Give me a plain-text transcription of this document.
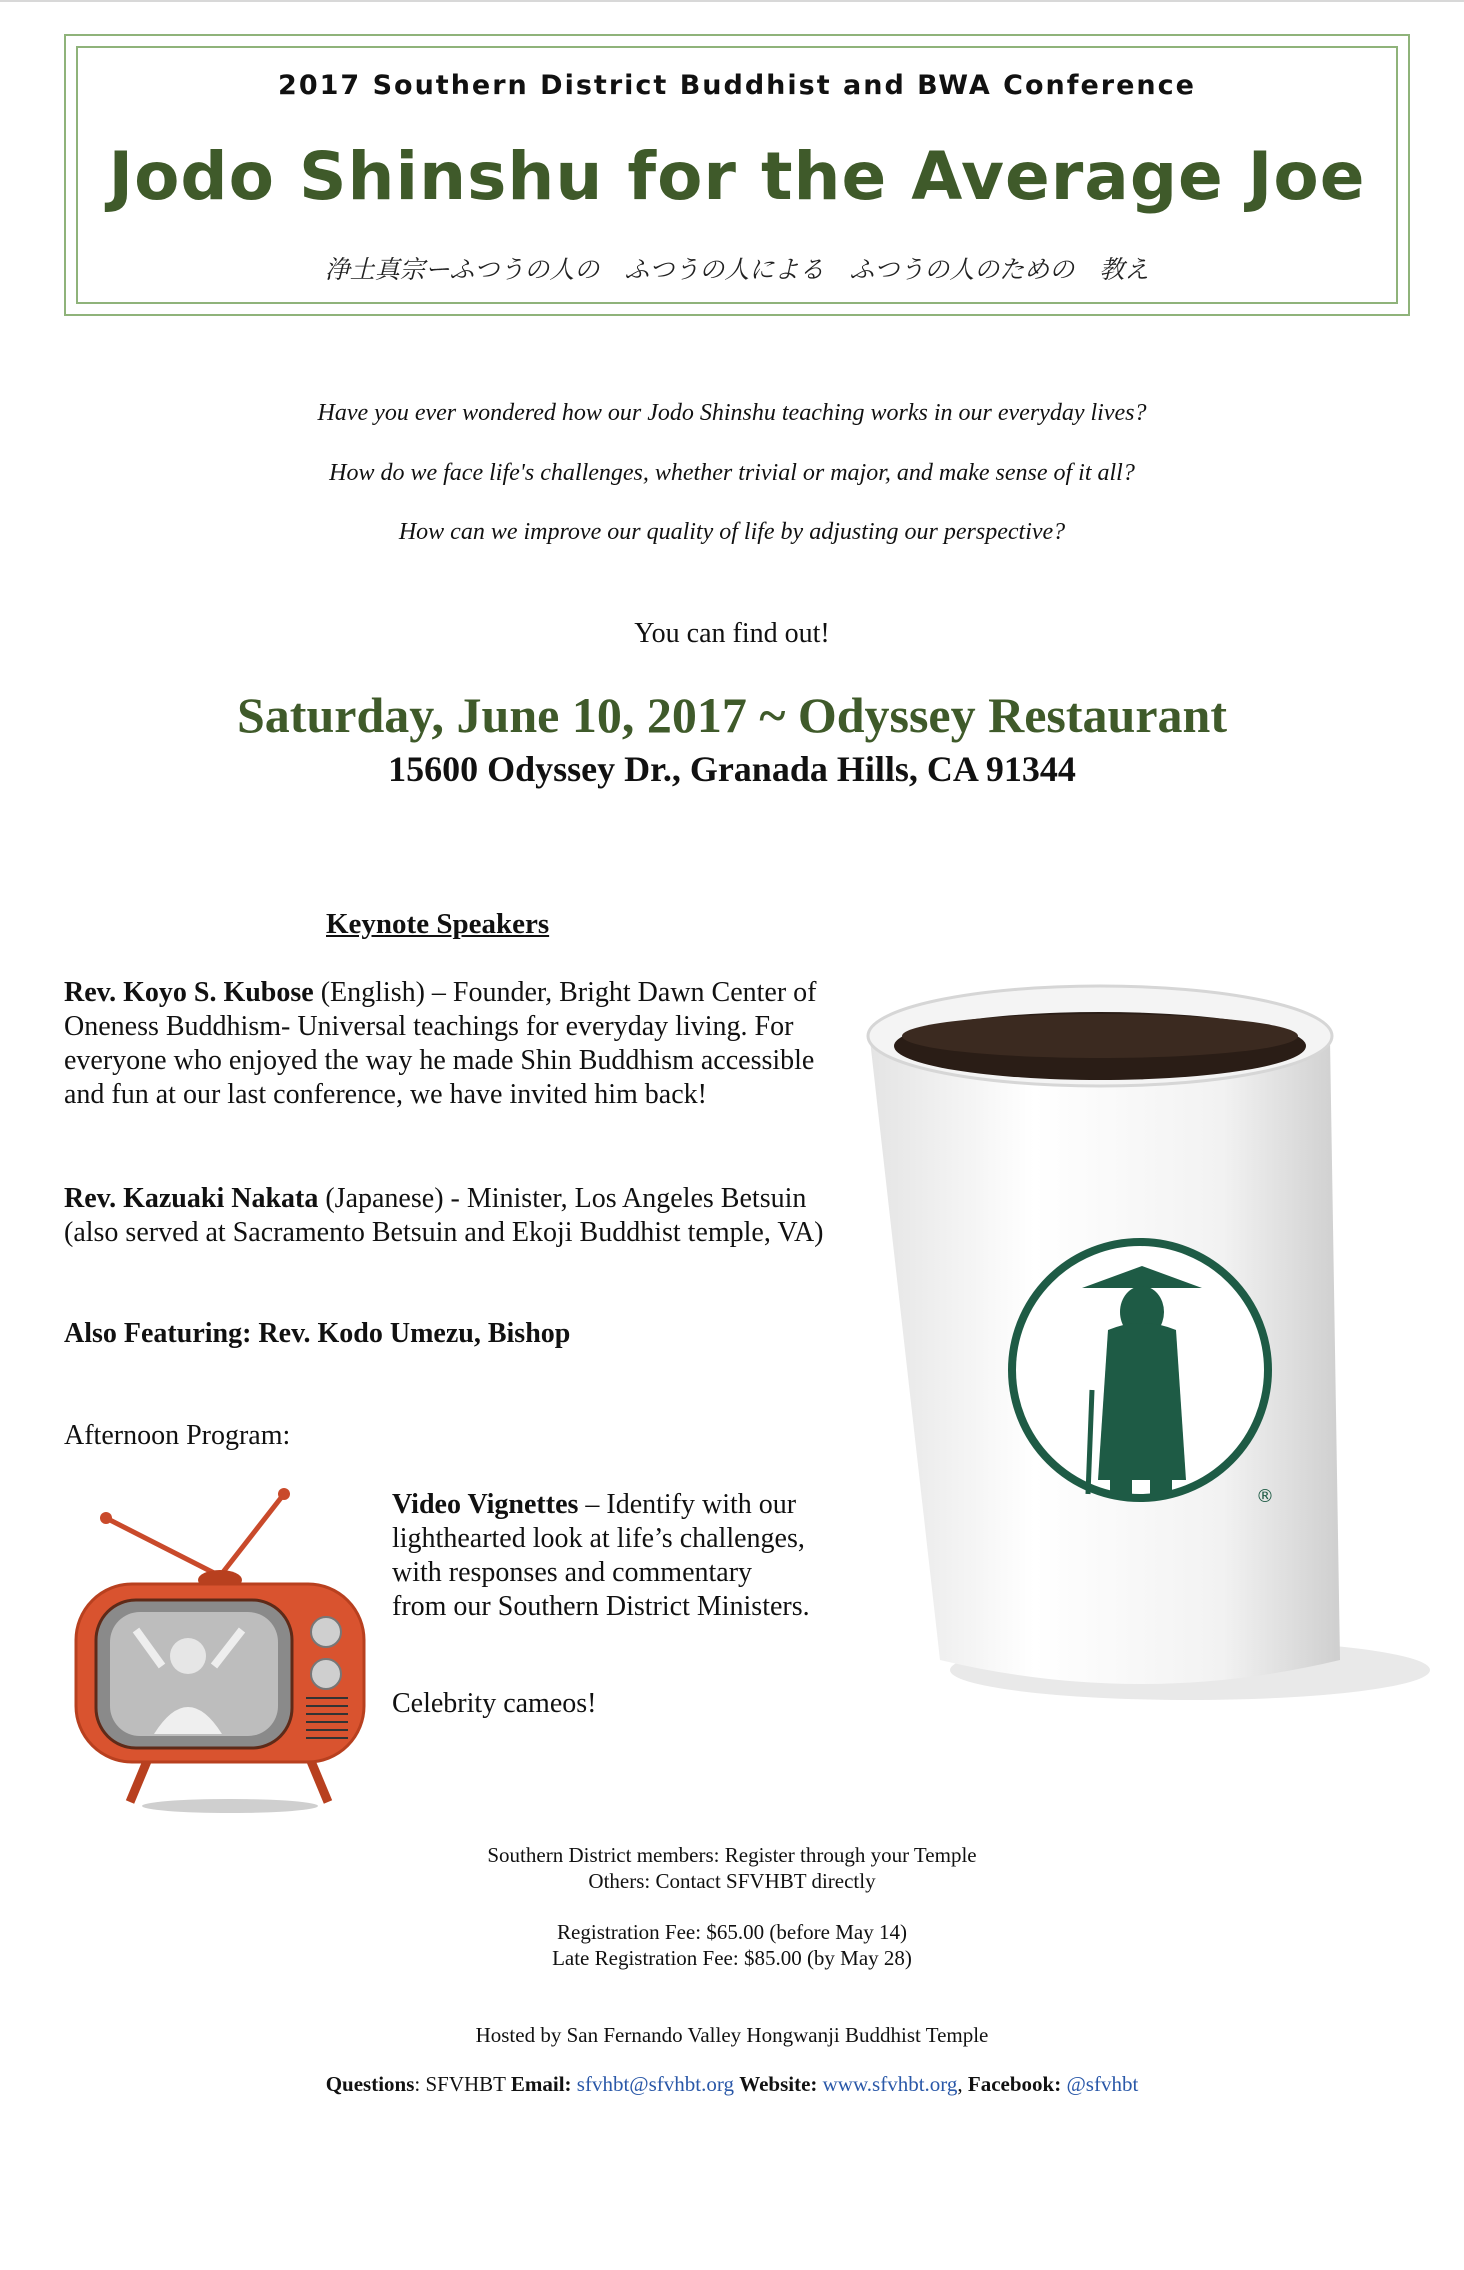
2017 Southern District Buddhist and BWA Conference
Jodo Shinshu for the Average Joe
浄土真宗ーふつうの人の　ふつうの人による　ふつうの人のための　教え
Have you ever wondered how our Jodo Shinshu teaching works in our everyday lives?
How do we face life's challenges, whether trivial or major, and make sense of it all?
How can we improve our quality of life by adjusting our perspective?
You can find out!
Saturday, June 10, 2017 ~ Odyssey Restaurant
15600 Odyssey Dr., Granada Hills, CA 91344
Keynote Speakers
Rev. Koyo S. Kubose (English) – Founder, Bright Dawn Center of Oneness Buddhism- Universal teachings for everyday living. For everyone who enjoyed the way he made Shin Buddhism accessible and fun at our last conference, we have invited him back!
Rev. Kazuaki Nakata (Japanese) - Minister, Los Angeles Betsuin (also served at Sacramento Betsuin and Ekoji Buddhist temple, VA)
Also Featuring: Rev. Kodo Umezu, Bishop
Afternoon Program:
Video Vignettes – Identify with our lighthearted look at life’s challenges, with responses and commentary from our Southern District Ministers.
Celebrity cameos!
®
Southern District members: Register through your Temple
Others: Contact SFVHBT directly
Registration Fee: $65.00 (before May 14)
Late Registration Fee: $85.00 (by May 28)
Hosted by San Fernando Valley Hongwanji Buddhist Temple
Questions: SFVHBT Email: sfvhbt@sfvhbt.org Website: www.sfvhbt.org, Facebook: @sfvhbt
